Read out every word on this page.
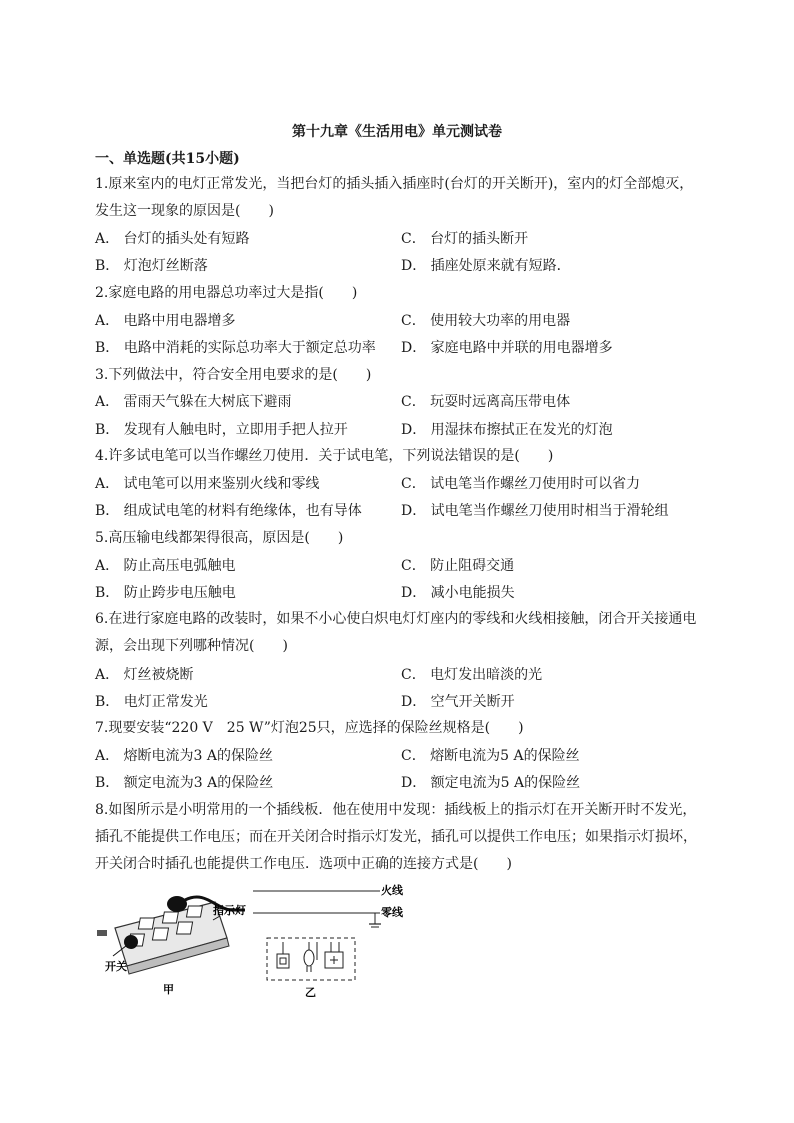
第十九章《生活用电》单元测试卷
一、单选题(共15小题)
1.原来室内的电灯正常发光，当把台灯的插头插入插座时(台灯的开关断开)，室内的灯全部熄灭，
发生这一现象的原因是(　　)
A． 台灯的插头处有短路	C． 台灯的插头断开
B． 灯泡灯丝断落	D． 插座处原来就有短路．
2.家庭电路的用电器总功率过大是指(　　)
A． 电路中用电器增多	C． 使用较大功率的用电器
B． 电路中消耗的实际总功率大于额定总功率 D． 家庭电路中并联的用电器增多
3.下列做法中，符合安全用电要求的是(　　)
A． 雷雨天气躲在大树底下避雨	C． 玩耍时远离高压带电体
B． 发现有人触电时，立即用手把人拉开	D． 用湿抹布擦拭正在发光的灯泡
4.许多试电笔可以当作螺丝刀使用．关于试电笔，下列说法错误的是(　　)
A． 试电笔可以用来鉴别火线和零线	C． 试电笔当作螺丝刀使用时可以省力
B． 组成试电笔的材料有绝缘体，也有导体	D． 试电笔当作螺丝刀使用时相当于滑轮组
5.高压输电线都架得很高，原因是(　　)
A． 防止高压电弧触电	C． 防止阻碍交通
B． 防止跨步电压触电	D． 减小电能损失
6.在进行家庭电路的改装时，如果不小心使白炽电灯灯座内的零线和火线相接触，闭合开关接通电
源，会出现下列哪种情况(　　)
A． 灯丝被烧断	C． 电灯发出暗淡的光
B． 电灯正常发光	D． 空气开关断开
7.现要安装“220 V　25 W”灯泡25只，应选择的保险丝规格是(　　)
A． 熔断电流为3 A的保险丝	C． 熔断电流为5 A的保险丝
B． 额定电流为3 A的保险丝	D． 额定电流为5 A的保险丝
8.如图所示是小明常用的一个插线板．他在使用中发现：插线板上的指示灯在开关断开时不发光，
插孔不能提供工作电压；而在开关闭合时指示灯发光，插孔可以提供工作电压；如果指示灯损坏，
开关闭合时插孔也能提供工作电压．选项中正确的连接方式是(　　)
指示灯
开关
甲
火线
零线
乙
